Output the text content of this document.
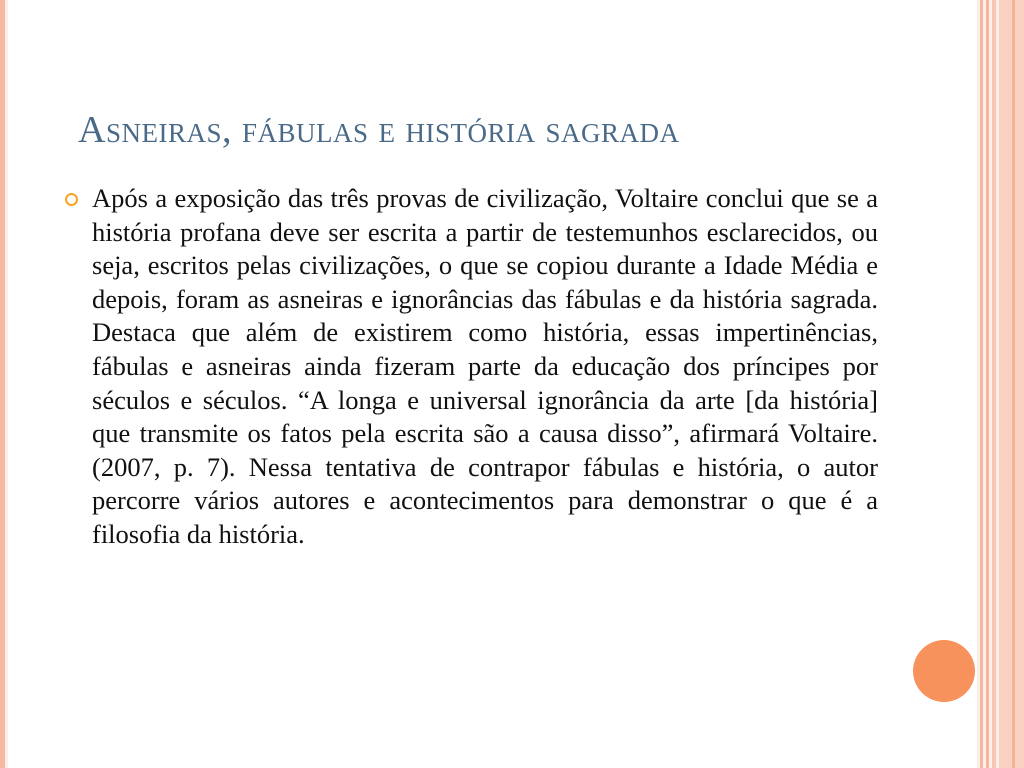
Asneiras, fábulas e história sagrada

Após a exposição das três provas de civilização, Voltaire conclui que se a história profana deve ser escrita a partir de testemunhos esclarecidos, ou seja, escritos pelas civilizações, o que se copiou durante a Idade Média e depois, foram as asneiras e ignorâncias das fábulas e da história sagrada. Destaca que além de existirem como história, essas impertinências, fábulas e asneiras ainda fizeram parte da educação dos príncipes por séculos e séculos. “A longa e universal ignorância da arte [da história] que transmite os fatos pela escrita são a causa disso”, afirmará Voltaire. (2007, p. 7). Nessa tentativa de contrapor fábulas e história, o autor percorre vários autores e acontecimentos para demonstrar o que é a filosofia da história.
